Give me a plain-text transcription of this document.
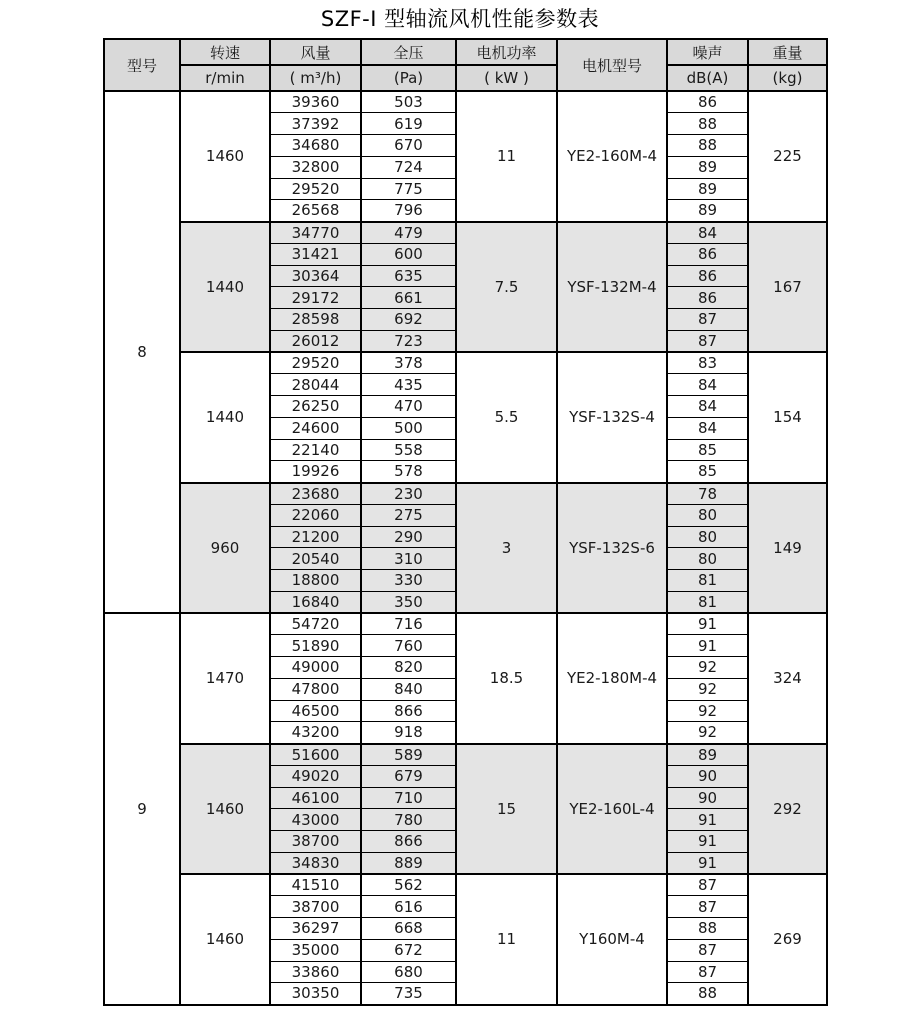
SZF-I 型轴流风机性能参数表
型号	转速	风量	全压	电机功率	电机型号	噪声	重量
	r/min	( m³/h)	(Pa)	( kW )		dB(A)	(kg)
8	1460	39360	503	11	YE2-160M-4	86	225
		37392	619			88	
		34680	670			88	
		32800	724			89	
		29520	775			89	
		26568	796			89	
	1440	34770	479	7.5	YSF-132M-4	84	167
		31421	600			86	
		30364	635			86	
		29172	661			86	
		28598	692			87	
		26012	723			87	
	1440	29520	378	5.5	YSF-132S-4	83	154
		28044	435			84	
		26250	470			84	
		24600	500			84	
		22140	558			85	
		19926	578			85	
	960	23680	230	3	YSF-132S-6	78	149
		22060	275			80	
		21200	290			80	
		20540	310			80	
		18800	330			81	
		16840	350			81	
9	1470	54720	716	18.5	YE2-180M-4	91	324
		51890	760			91	
		49000	820			92	
		47800	840			92	
		46500	866			92	
		43200	918			92	
	1460	51600	589	15	YE2-160L-4	89	292
		49020	679			90	
		46100	710			90	
		43000	780			91	
		38700	866			91	
		34830	889			91	
	1460	41510	562	11	Y160M-4	87	269
		38700	616			87	
		36297	668			88	
		35000	672			87	
		33860	680			87	
		30350	735			88	
